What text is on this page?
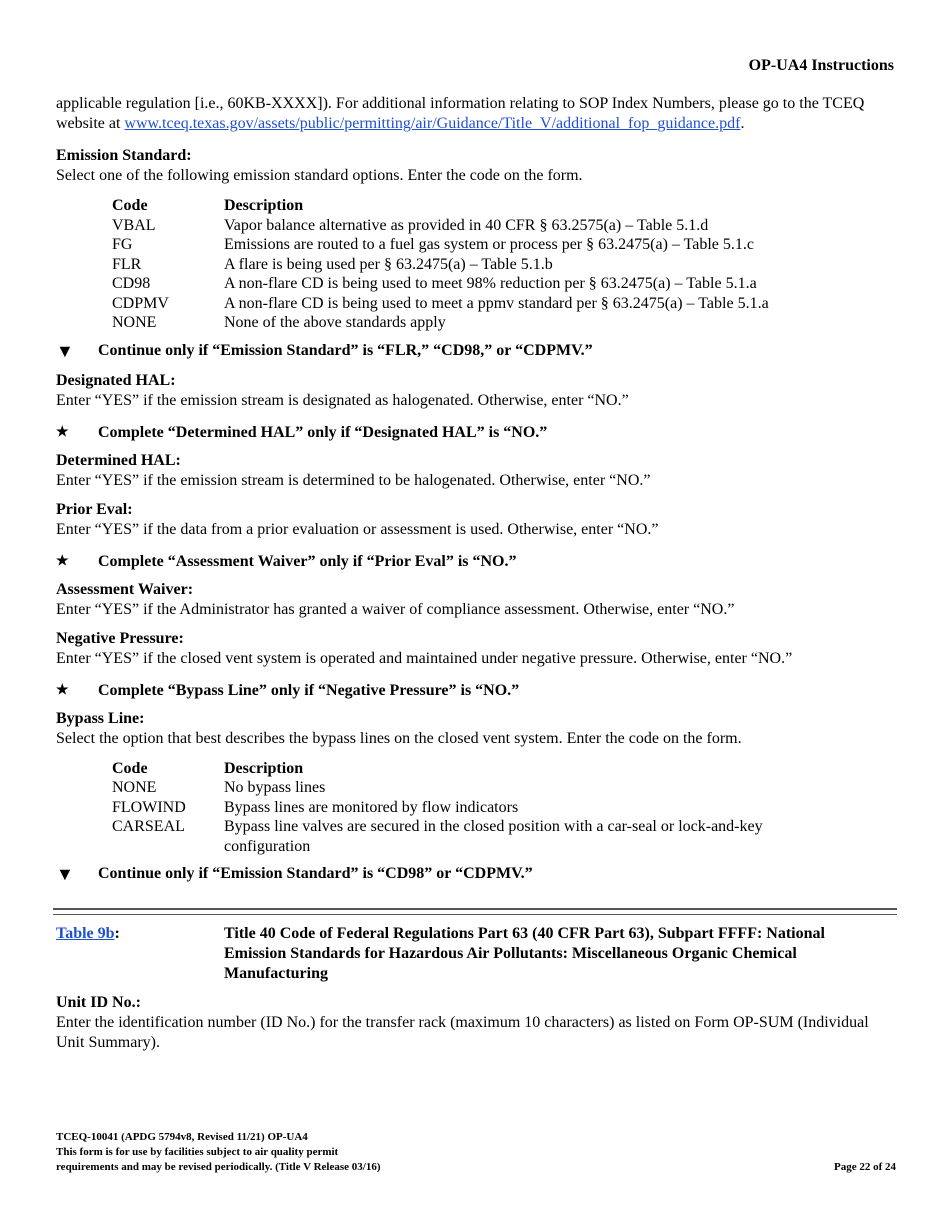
OP-UA4 Instructions

applicable regulation [i.e., 60KB-XXXX]). For additional information relating to SOP Index Numbers, please go to the TCEQ website at www.tceq.texas.gov/assets/public/permitting/air/Guidance/Title_V/additional_fop_guidance.pdf.

Emission Standard:

Select one of the following emission standard options. Enter the code on the form.

Code	Description
VBAL	Vapor balance alternative as provided in 40 CFR § 63.2575(a) – Table 5.1.d
FG	Emissions are routed to a fuel gas system or process per § 63.2475(a) – Table 5.1.c
FLR	A flare is being used per § 63.2475(a) – Table 5.1.b
CD98	A non-flare CD is being used to meet 98% reduction per § 63.2475(a) – Table 5.1.a
CDPMV	A non-flare CD is being used to meet a ppmv standard per § 63.2475(a) – Table 5.1.a
NONE	None of the above standards apply
▼	Continue only if “Emission Standard” is “FLR,” “CD98,” or “CDPMV.”

Designated HAL:

Enter “YES” if the emission stream is designated as halogenated. Otherwise, enter “NO.”

★	Complete “Determined HAL” only if “Designated HAL” is “NO.”

Determined HAL:

Enter “YES” if the emission stream is determined to be halogenated. Otherwise, enter “NO.”

Prior Eval:

Enter “YES” if the data from a prior evaluation or assessment is used. Otherwise, enter “NO.”

★	Complete “Assessment Waiver” only if “Prior Eval” is “NO.”

Assessment Waiver:

Enter “YES” if the Administrator has granted a waiver of compliance assessment. Otherwise, enter “NO.”

Negative Pressure:

Enter “YES” if the closed vent system is operated and maintained under negative pressure. Otherwise, enter “NO.”

★	Complete “Bypass Line” only if “Negative Pressure” is “NO.”

Bypass Line:

Select the option that best describes the bypass lines on the closed vent system. Enter the code on the form.

Code	Description
NONE	No bypass lines
FLOWIND	Bypass lines are monitored by flow indicators
CARSEAL	Bypass line valves are secured in the closed position with a car-seal or lock-and-key configuration
▼	Continue only if “Emission Standard” is “CD98” or “CDPMV.”
Table 9b:	Title 40 Code of Federal Regulations Part 63 (40 CFR Part 63), Subpart FFFF: National Emission Standards for Hazardous Air Pollutants: Miscellaneous Organic Chemical Manufacturing

Unit ID No.:

Enter the identification number (ID No.) for the transfer rack (maximum 10 characters) as listed on Form OP-SUM (Individual Unit Summary).

TCEQ-10041 (APDG 5794v8, Revised 11/21) OP-UA4
This form is for use by facilities subject to air quality permit
requirements and may be revised periodically. (Title V Release 03/16)	Page 22 of 24
